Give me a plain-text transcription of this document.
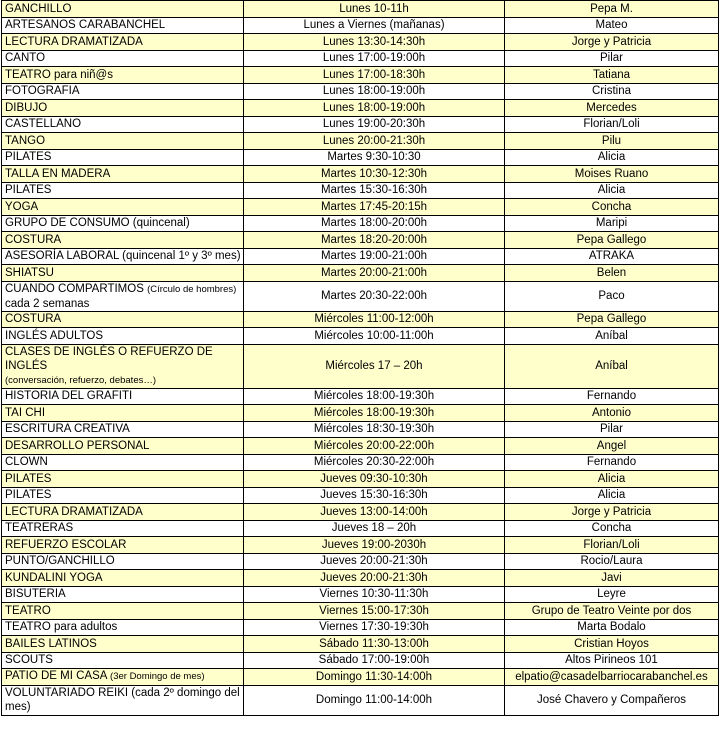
GANCHILLO	Lunes 10-11h	Pepa M.
ARTESANOS CARABANCHEL	Lunes a Viernes (mañanas)	Mateo
LECTURA DRAMATIZADA	Lunes 13:30-14:30h	Jorge y Patricia
CANTO	Lunes 17:00-19:00h	Pilar
TEATRO para niñ@s	Lunes 17:00-18:30h	Tatiana
FOTOGRAFIA	Lunes 18:00-19:00h	Cristina
DIBUJO	Lunes 18:00-19:00h	Mercedes
CASTELLANO	Lunes 19:00-20:30h	Florian/Loli
TANGO	Lunes 20:00-21:30h	Pilu
PILATES	Martes 9:30-10:30	Alicia
TALLA EN MADERA	Martes 10:30-12:30h	Moises Ruano
PILATES	Martes 15:30-16:30h	Alicia
YOGA	Martes 17:45-20:15h	Concha
GRUPO DE CONSUMO (quincenal)	Martes 18:00-20:00h	Maripi
COSTURA	Martes 18:20-20:00h	Pepa Gallego
ASESORÍA LABORAL (quincenal 1º y 3º mes)	Martes 19:00-21:00h	ATRAKA
SHIATSU	Martes 20:00-21:00h	Belen
CUANDO COMPARTIMOS (Círculo de hombres)
cada 2 semanas	Martes 20:30-22:00h	Paco
COSTURA	Miércoles 11:00-12:00h	Pepa Gallego
INGLÉS ADULTOS	Miércoles 10:00-11:00h	Aníbal
CLASES DE INGLÉS O REFUERZO DE INGLÉS
(conversación, refuerzo, debates…)	Miércoles 17 – 20h	Aníbal
HISTORIA DEL GRAFITI	Miércoles 18:00-19:30h	Fernando
TAI CHI	Miércoles 18:00-19:30h	Antonio
ESCRITURA CREATIVA	Miércoles 18:30-19:30h	Pilar
DESARROLLO PERSONAL	Miércoles 20:00-22:00h	Angel
CLOWN	Miércoles 20:30-22:00h	Fernando
PILATES	Jueves 09:30-10:30h	Alicia
PILATES	Jueves 15:30-16:30h	Alicia
LECTURA DRAMATIZADA	Jueves 13:00-14:00h	Jorge y Patricia
TEATRERAS	Jueves 18 – 20h	Concha
REFUERZO ESCOLAR	Jueves 19:00-2030h	Florian/Loli
PUNTO/GANCHILLO	Jueves 20:00-21:30h	Rocio/Laura
KUNDALINI YOGA	Jueves 20:00-21:30h	Javi
BISUTERIA	Viernes 10:30-11:30h	Leyre
TEATRO	Viernes 15:00-17:30h	Grupo de Teatro Veinte por dos
TEATRO para adultos	Viernes 17:30-19:30h	Marta Bodalo
BAILES LATINOS	Sábado 11:30-13:00h	Cristian Hoyos
SCOUTS	Sábado 17:00-19:00h	Altos Pirineos 101
PATIO DE MI CASA (3er Domingo de mes)	Domingo 11:30-14:00h	elpatio@casadelbarriocarabanchel.es
VOLUNTARIADO REIKI (cada 2º domingo del mes)	Domingo 11:00-14:00h	José Chavero y Compañeros
